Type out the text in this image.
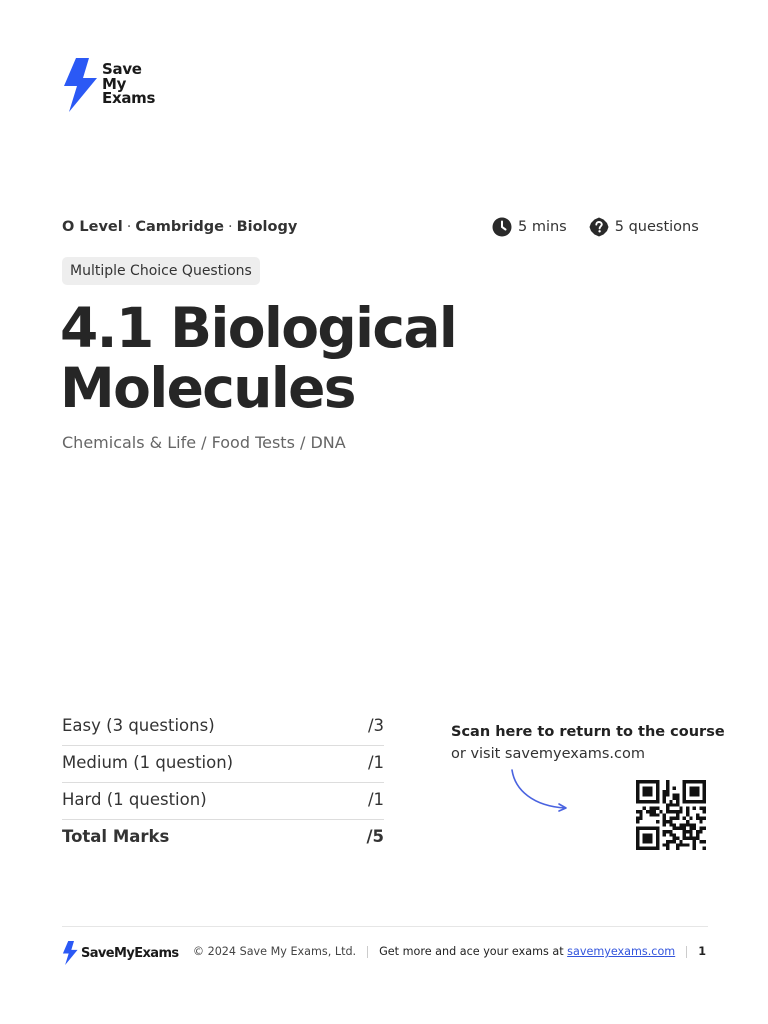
Save
My
Exams
O Level · Cambridge · Biology	5 mins	5 questions
Multiple Choice Questions
4.1 Biological
Molecules
Chemicals & Life / Food Tests / DNA
Easy (3 questions)	/3
Medium (1 question)	/1
Hard (1 question)	/1
Total Marks	/5
Scan here to return to the course
or visit savemyexams.com
SaveMyExams © 2024 Save My Exams, Ltd. Get more and ace your exams at
savemyexams.com 1
